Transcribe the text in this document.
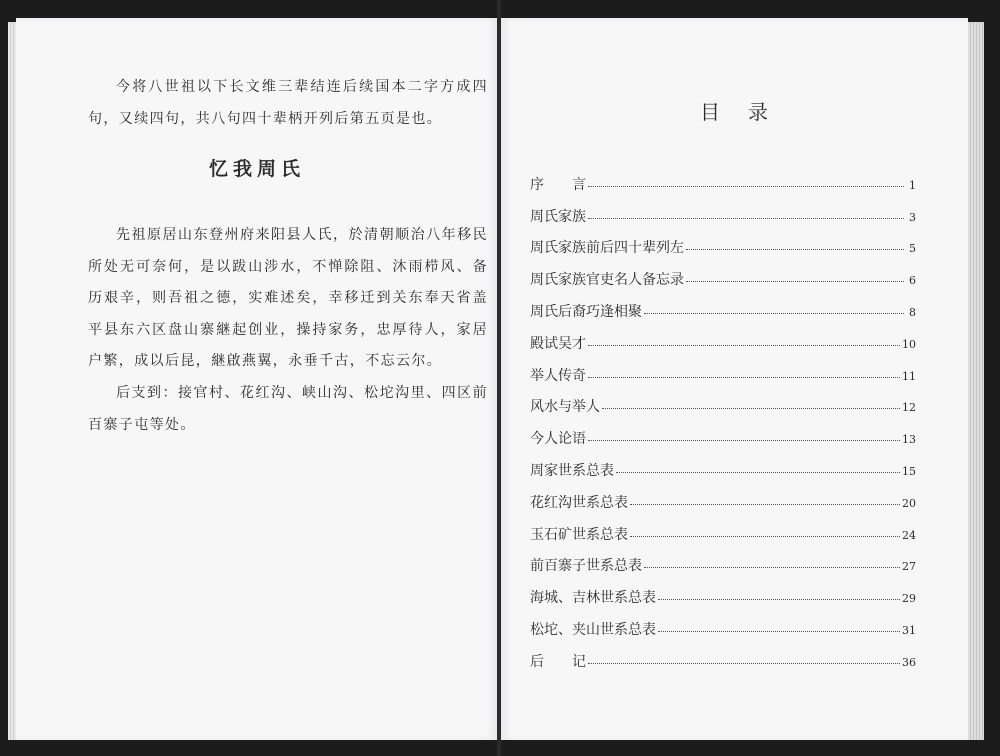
今将八世祖以下长文维三辈结连后续国本二字方成四句，又续四句，共八句四十辈柄开列后第五页是也。
忆我周氏
先祖原居山东登州府来阳县人氏，於清朝顺治八年移民所处无可奈何，是以跋山涉水，不惮除阻、沐雨栉风、备历艰辛，则吾祖之德，实难述矣，幸移迁到关东奉天省盖平县东六区盘山寨継起创业，操持家务，忠厚待人，家居户繁，成以后昆，継啟燕翼，永垂千古，不忘云尔。
后支到：接官村、花红沟、峡山沟、松坨沟里、四区前百寨子屯等处。
目录
序　　言	1
周氏家族	3
周氏家族前后四十辈列左	5
周氏家族官吏名人备忘录	6
周氏后裔巧逢相聚	8
殿试吴才	10
举人传奇	11
风水与举人	12
今人论语	13
周家世系总表	15
花红沟世系总表	20
玉石矿世系总表	24
前百寨子世系总表	27
海城、吉林世系总表	29
松坨、夹山世系总表	31
后　　记	36
